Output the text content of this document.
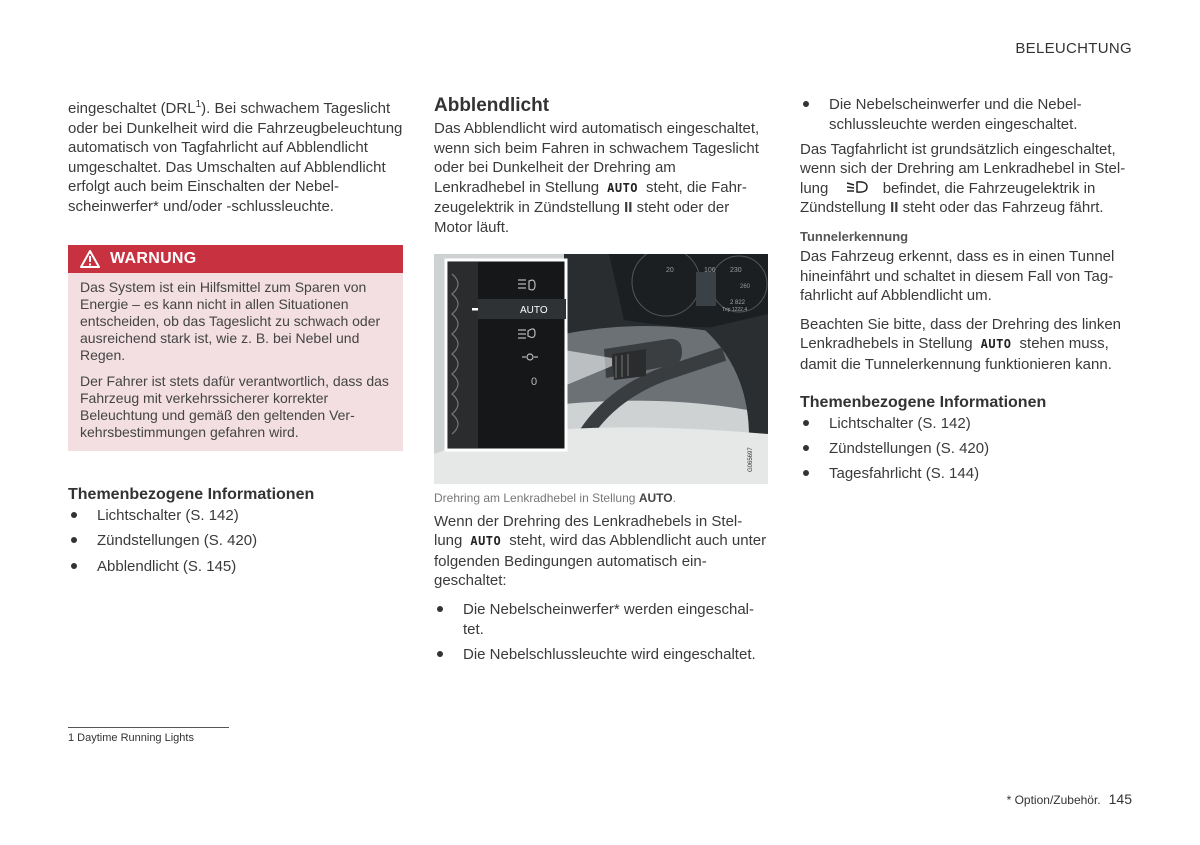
BELEUCHTUNG

eingeschaltet (DRL$^1$). Bei schwachem Tageslicht oder bei Dunkelheit wird die Fahrzeugbeleuchtung automatisch von Tagfahrlicht auf Abblendlicht umgeschaltet. Das Umschalten auf Abblendlicht erfolgt auch beim Einschalten der Nebelscheinwerfer* und/oder -schlussleuchte.

WARNUNG

Das System ist ein Hilfsmittel zum Sparen von Energie – es kann nicht in allen Situationen entscheiden, ob das Tageslicht zu schwach oder ausreichend stark ist, wie z. B. bei Nebel und Regen.

Der Fahrer ist stets dafür verantwortlich, dass das Fahrzeug mit verkehrssicherer korrekter Beleuchtung und gemäß den geltenden Verkehrsbestimmungen gefahren wird.

Themenbezogene Informationen
Lichtschalter (S. 142)
Zündstellungen (S. 420)
Abblendlicht (S. 145)
Abblendlicht

Das Abblendlicht wird automatisch eingeschaltet, wenn sich beim Fahren in schwachem Tageslicht oder bei Dunkelheit der Drehring am Lenkradhebel in Stellung AUTO steht, die Fahrzeugelektrik in Zündstellung II steht oder der Motor läuft.

AUTO
0
20	106 230
260
2 822
Trip 1222.4
G065697
Drehring am Lenkradhebel in Stellung AUTO.

Wenn der Drehring des Lenkradhebels in Stellung AUTO steht, wird das Abblendlicht auch unter folgenden Bedingungen automatisch eingeschaltet:

Die Nebelscheinwerfer* werden eingeschaltet.
Die Nebelschlussleuchte wird eingeschaltet.
Die Nebelscheinwerfer und die Nebelschlussleuchte werden eingeschaltet.

Das Tagfahrlicht ist grundsätzlich eingeschaltet, wenn sich der Drehring am Lenkradhebel in Stellung	befindet, die Fahrzeugelektrik in Zündstellung II steht oder das Fahrzeug fährt.

Tunnelerkennung

Das Fahrzeug erkennt, dass es in einen Tunnel hineinfährt und schaltet in diesem Fall von Tagfahrlicht auf Abblendlicht um.

Beachten Sie bitte, dass der Drehring des linken Lenkradhebels in Stellung AUTO stehen muss, damit die Tunnelerkennung funktionieren kann.

Themenbezogene Informationen
Lichtschalter (S. 142)
Zündstellungen (S. 420)
Tagesfahrlicht (S. 144)
1 Daytime Running Lights
* Option/Zubehör. 145
